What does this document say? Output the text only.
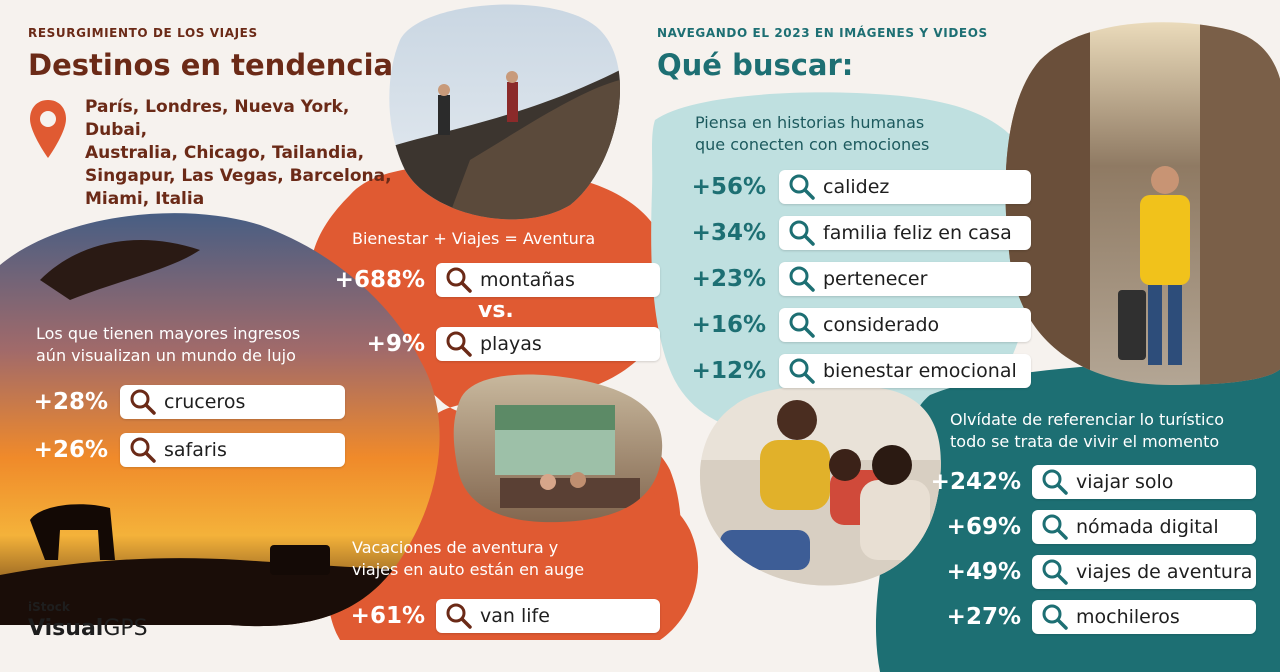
RESURGIMIENTO DE LOS VIAJES
Destinos en tendencia
París, Londres, Nueva York, Dubai,
Australia, Chicago, Tailandia,
Singapur, Las Vegas, Barcelona,
Miami, Italia
Los que tienen mayores ingresos
aún visualizan un mundo de lujo
+28%	cruceros
+26%	safaris
iStock
VisualGPS
Bienestar + Viajes = Aventura
+688%	montañas
vs.
+9%	playas
Vacaciones de aventura y
viajes en auto están en auge
+61%	van life
NAVEGANDO EL 2023 EN IMÁGENES Y VIDEOS
Qué buscar:
Piensa en historias humanas
que conecten con emociones
+56%	calidez
+34%	familia feliz en casa
+23%	pertenecer
+16%	considerado
+12%	bienestar emocional
Olvídate de referenciar lo turístico
todo se trata de vivir el momento
+242%	viajar solo
+69%	nómada digital
+49%	viajes de aventura
+27%	mochileros
